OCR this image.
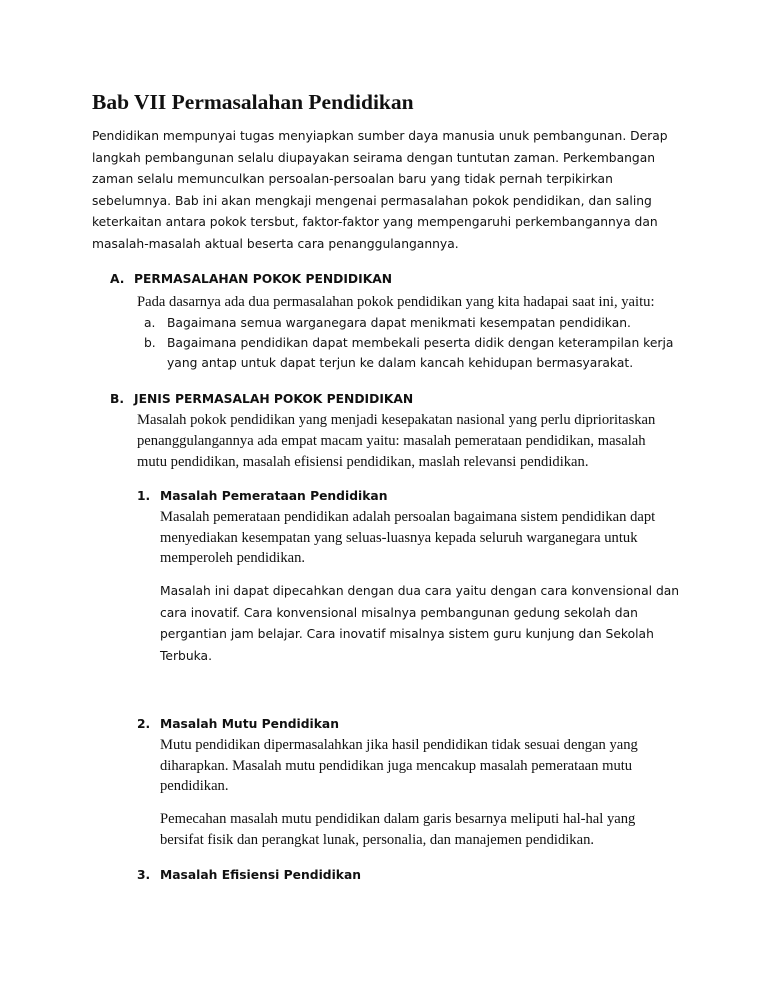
Bab VII Permasalahan Pendidikan
Pendidikan mempunyai tugas menyiapkan sumber daya manusia unuk pembangunan. Derap
langkah pembangunan selalu diupayakan seirama dengan tuntutan zaman. Perkembangan
zaman selalu memunculkan persoalan-persoalan baru yang tidak pernah terpikirkan
sebelumnya. Bab ini akan mengkaji mengenai permasalahan pokok pendidikan, dan saling
keterkaitan antara pokok tersbut, faktor-faktor yang mempengaruhi perkembangannya dan
masalah-masalah aktual beserta cara penanggulangannya.
A. PERMASALAHAN POKOK PENDIDIKAN
Pada dasarnya ada dua permasalahan pokok pendidikan yang kita hadapai saat ini, yaitu:
a. Bagaimana semua warganegara dapat menikmati kesempatan pendidikan.
b. Bagaimana pendidikan dapat membekali peserta didik dengan keterampilan kerja
yang antap untuk dapat terjun ke dalam kancah kehidupan bermasyarakat.
B. JENIS PERMASALAH POKOK PENDIDIKAN
Masalah pokok pendidikan yang menjadi kesepakatan nasional yang perlu diprioritaskan
penanggulangannya ada empat macam yaitu: masalah pemerataan pendidikan, masalah
mutu pendidikan, masalah efisiensi pendidikan, maslah relevansi pendidikan.
1. Masalah Pemerataan Pendidikan
Masalah pemerataan pendidikan adalah persoalan bagaimana sistem pendidikan dapt
menyediakan kesempatan yang seluas-luasnya kepada seluruh warganegara untuk
memperoleh pendidikan.
Masalah ini dapat dipecahkan dengan dua cara yaitu dengan cara konvensional dan
cara inovatif. Cara konvensional misalnya pembangunan gedung sekolah dan
pergantian jam belajar. Cara inovatif misalnya sistem guru kunjung dan Sekolah
Terbuka.
2. Masalah Mutu Pendidikan
Mutu pendidikan dipermasalahkan jika hasil pendidikan tidak sesuai dengan yang
diharapkan. Masalah mutu pendidikan juga mencakup masalah pemerataan mutu
pendidikan.
Pemecahan masalah mutu pendidikan dalam garis besarnya meliputi hal-hal yang
bersifat fisik dan perangkat lunak, personalia, dan manajemen pendidikan.
3. Masalah Efisiensi Pendidikan
